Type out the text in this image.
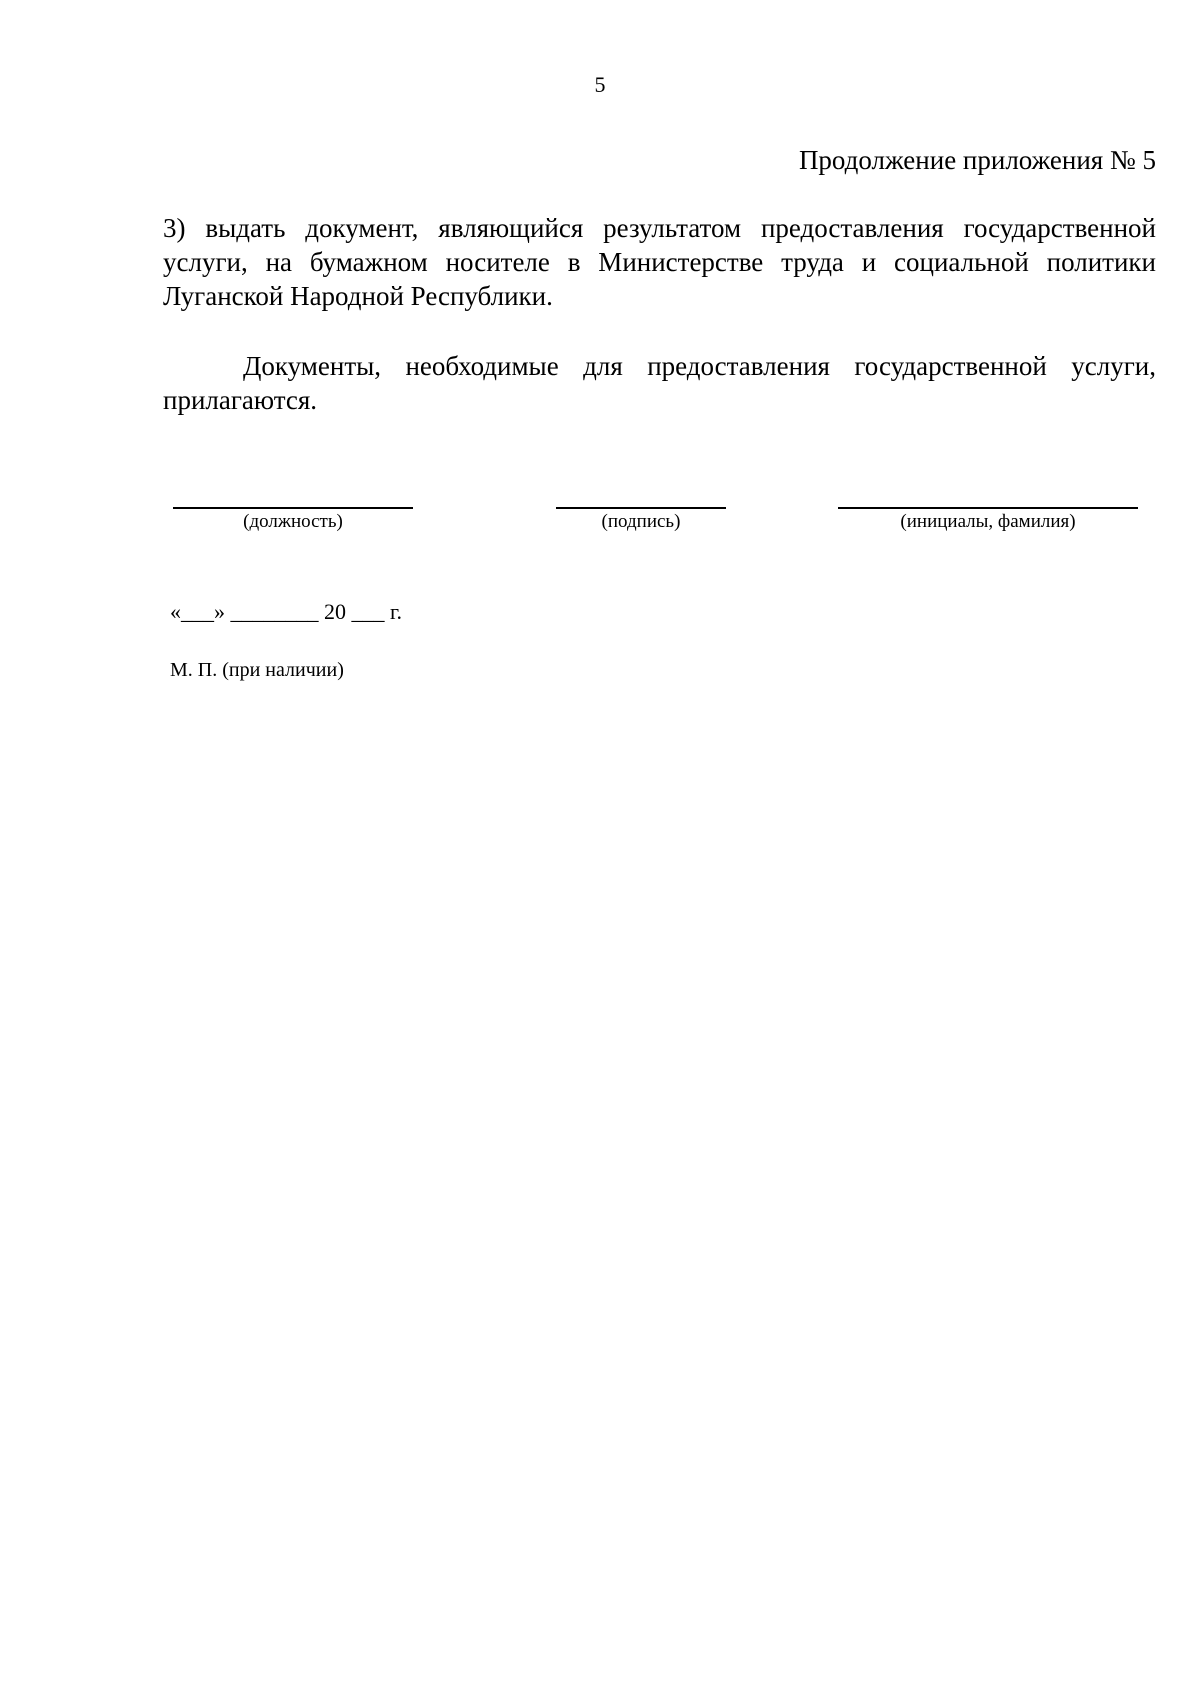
5
Продолжение приложения № 5

3) выдать документ, являющийся результатом предоставления государственной услуги, на бумажном носителе в Министерстве труда и социальной политики Луганской Народной Республики.

Документы, необходимые для предоставления государственной услуги, прилагаются.

(должность)	(подпись)	(инициалы, фамилия)
«___» ________ 20 ___ г.
М. П. (при наличии)
